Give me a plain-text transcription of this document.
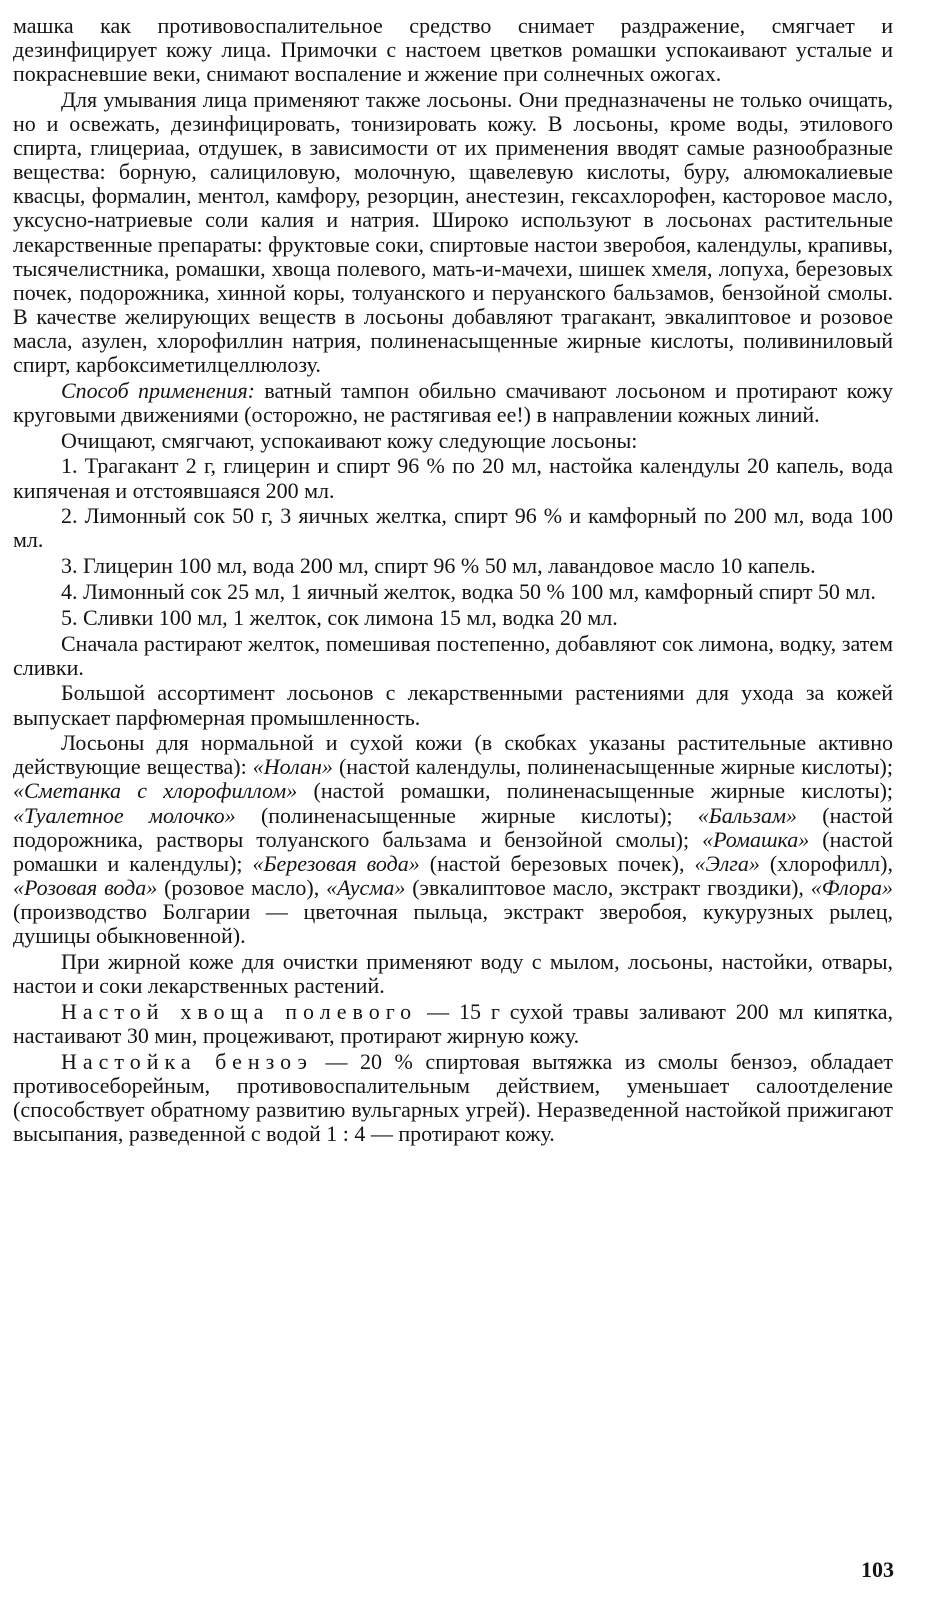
машка как противовоспалительное средство снимает раздражение, смягчает и дезинфицирует кожу лица. Примочки с настоем цветков ромашки успокаивают усталые и покрасневшие веки, снимают воспаление и жжение при солнечных ожогах.

Для умывания лица применяют также лосьоны. Они предназначены не только очищать, но и освежать, дезинфицировать, тонизировать кожу. В лосьоны, кроме воды, этилового спирта, глицериаа, отдушек, в зависимости от их применения вводят самые разнообразные вещества: борную, салициловую, молочную, щавелевую кислоты, буру, алюмокалиевые квасцы, формалин, ментол, камфору, резорцин, анестезин, гексахлорофен, касторовое масло, уксусно-натриевые соли калия и натрия. Широко используют в лосьонах растительные лекарственные препараты: фруктовые соки, спиртовые настои зверобоя, календулы, крапивы, тысячелистника, ромашки, хвоща полевого, мать-и-мачехи, шишек хмеля, лопуха, березовых почек, подорожника, хинной коры, толуанского и перуанского бальзамов, бензойной смолы. В качестве желирующих веществ в лосьоны добавляют трагакант, эвкалиптовое и розовое масла, азулен, хлорофиллин натрия, полиненасыщенные жирные кислоты, поливиниловый спирт, карбоксиметилцеллюлозу.

Способ применения: ватный тампон обильно смачивают лосьоном и протирают кожу круговыми движениями (осторожно, не растягивая ее!) в направлении кожных линий.

Очищают, смягчают, успокаивают кожу следующие лосьоны:

1. Трагакант 2 г, глицерин и спирт 96 % по 20 мл, настойка календулы 20 капель, вода кипяченая и отстоявшаяся 200 мл.

2. Лимонный сок 50 г, 3 яичных желтка, спирт 96 % и камфорный по 200 мл, вода 100 мл.

3. Глицерин 100 мл, вода 200 мл, спирт 96 % 50 мл, лавандовое масло 10 капель.

4. Лимонный сок 25 мл, 1 яичный желток, водка 50 % 100 мл, камфорный спирт 50 мл.

5. Сливки 100 мл, 1 желток, сок лимона 15 мл, водка 20 мл.

Сначала растирают желток, помешивая постепенно, добавляют сок лимона, водку, затем сливки.

Большой ассортимент лосьонов с лекарственными растениями для ухода за кожей выпускает парфюмерная промышленность.

Лосьоны для нормальной и сухой кожи (в скобках указаны растительные активно действующие вещества): «Нолан» (настой календулы, полиненасыщенные жирные кислоты); «Сметанка с хлорофиллом» (настой ромашки, полиненасыщенные жирные кислоты); «Туалетное молочко» (полиненасыщенные жирные кислоты); «Бальзам» (настой подорожника, растворы толуанского бальзама и бензойной смолы); «Ромашка» (настой ромашки и календулы); «Березовая вода» (настой березовых почек), «Элга» (хлорофилл), «Розовая вода» (розовое масло), «Аусма» (эвкалиптовое масло, экстракт гвоздики), «Флора» (производство Болгарии — цветочная пыльца, экстракт зверобоя, кукурузных рылец, душицы обыкновенной).

При жирной коже для очистки применяют воду с мылом, лосьоны, настойки, отвары, настои и соки лекарственных растений.

Настой хвоща полевого — 15 г сухой травы заливают 200 мл кипятка, настаивают 30 мин, процеживают, протирают жирную кожу.

Настойка бензоэ — 20 % спиртовая вытяжка из смолы бензоэ, обладает противосеборейным, противовоспалительным действием, уменьшает салоотделение (способствует обратному развитию вульгарных угрей). Неразведенной настойкой прижигают высыпания, разведенной с водой 1 : 4 — протирают кожу.

103
